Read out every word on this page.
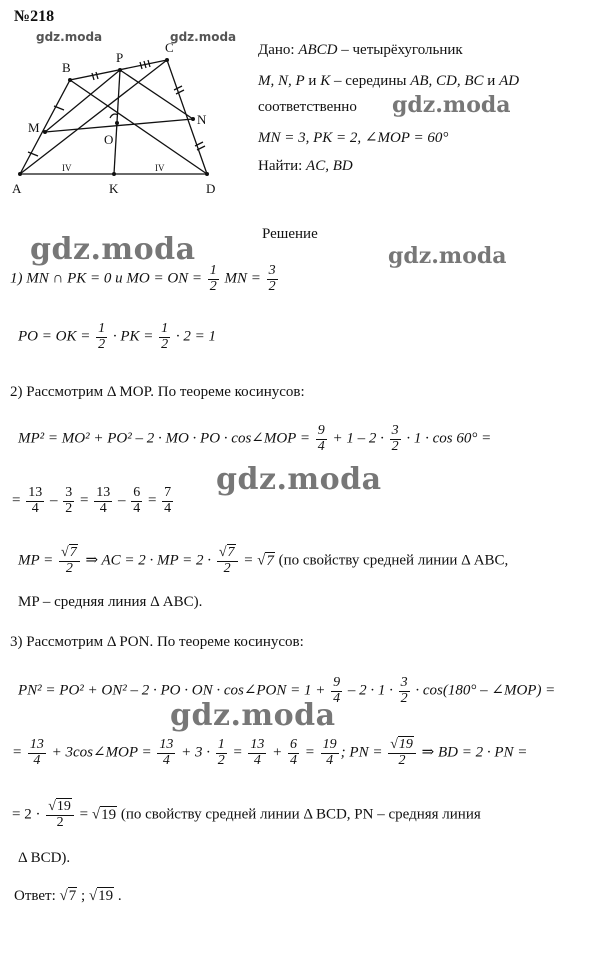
№218
gdz.moda	gdz.moda
A
B
C
D
M
N
P
K
O
IV	IV
Дано: ABCD – четырёхугольник
M, N, P и K – середины AB, CD, BC и AD
соответственно gdz.moda
MN = 3, PK = 2, ∠MOP = 60°
Найти: AC, BD
Решение
gdz.moda	gdz.moda
gdz.moda
gdz.moda
1) MN ∩ PK = 0 и MO = ON = $\frac{1}{2}$ MN = $\frac{3}{2}$
PO = OK = $\frac{1}{2}$ · PK = $\frac{1}{2} \cdot 2 = 1$
2) Рассмотрим Δ MOP. По теореме косинусов:
MP² = MO² + PO² – 2 · MO · PO · cos∠MOP = $\frac{9}{4} + 1 - 2 \cdot \frac{3}{2} \cdot 1 \cdot \cos 60^\circ$ =
= $\frac{13}{4} - \frac{3}{2} = \frac{13}{4} - \frac{6}{4} = \frac{7}{4}$
MP = $\frac{√7}{2}$ ⇒ AC = 2 · MP = $2 \cdot \frac{√7}{2} = √7$ (по свойству средней линии Δ ABC,
MP – средняя линия Δ ABC).
3) Рассмотрим Δ PON. По теореме косинусов:
PN² = PO² + ON² – 2 · PO · ON · cos∠PON = $1 + \frac{9}{4} - 2 \cdot 1 \cdot \frac{3}{2} \cdot \cos(180^\circ$ – ∠MOP) =
= $\frac{13}{4}$ + 3cos∠MOP = $\frac{13}{4} + 3 \cdot \frac{1}{2} = \frac{13}{4} + \frac{6}{4} = \frac{19}{4}$ ; PN = $\frac{√19}{2}$ ⇒ BD = 2 · PN =
= $2 \cdot \frac{√19}{2} = √19$ (по свойству средней линии Δ BCD, PN – средняя линия
Δ BCD).
Ответ: √7 ; √19 .
